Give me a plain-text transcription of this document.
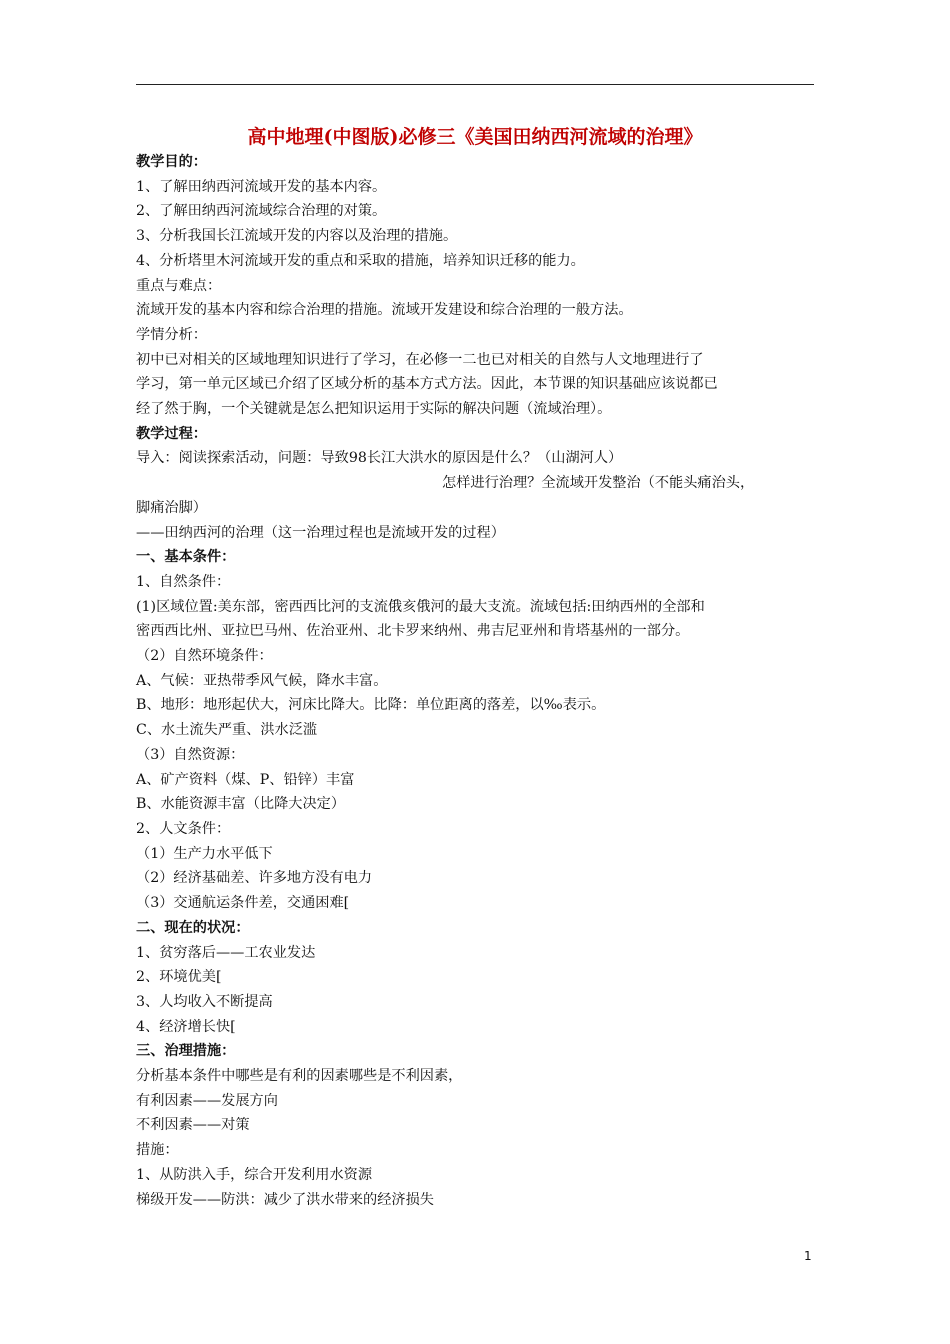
高中地理(中图版)必修三《美国田纳西河流域的治理》
教学目的：
1、了解田纳西河流域开发的基本内容。
2、了解田纳西河流域综合治理的对策。
3、分析我国长江流域开发的内容以及治理的措施。
4、分析塔里木河流域开发的重点和采取的措施，培养知识迁移的能力。
重点与难点：
流域开发的基本内容和综合治理的措施。流域开发建设和综合治理的一般方法。
学情分析：
初中已对相关的区域地理知识进行了学习，在必修一二也已对相关的自然与人文地理进行了
学习，第一单元区域已介绍了区域分析的基本方式方法。因此，本节课的知识基础应该说都已
经了然于胸，一个关键就是怎么把知识运用于实际的解决问题（流域治理）。
教学过程：
导入：阅读探索活动，问题：导致98长江大洪水的原因是什么？（山湖河人）
怎样进行治理？全流域开发整治（不能头痛治头，
脚痛治脚）
——田纳西河的治理（这一治理过程也是流域开发的过程）
一、基本条件：
1、自然条件：
(1)区域位置:美东部，密西西比河的支流俄亥俄河的最大支流。流域包括:田纳西州的全部和
密西西比州、亚拉巴马州、佐治亚州、北卡罗来纳州、弗吉尼亚州和肯塔基州的一部分。
（2）自然环境条件：
A、气候：亚热带季风气候，降水丰富。
B、地形：地形起伏大，河床比降大。比降：单位距离的落差，以‰表示。
C、水土流失严重、洪水泛滥
（3）自然资源：
A、矿产资料（煤、P、铅锌）丰富
B、水能资源丰富（比降大决定）
2、人文条件：
（1）生产力水平低下
（2）经济基础差、许多地方没有电力
（3）交通航运条件差，交通困难[
二、现在的状况：
1、贫穷落后——工农业发达
2、环境优美[
3、人均收入不断提高
4、经济增长快[
三、治理措施：
分析基本条件中哪些是有利的因素哪些是不利因素，
有利因素——发展方向
不利因素——对策
措施：
1、从防洪入手，综合开发利用水资源
梯级开发——防洪：减少了洪水带来的经济损失
1
